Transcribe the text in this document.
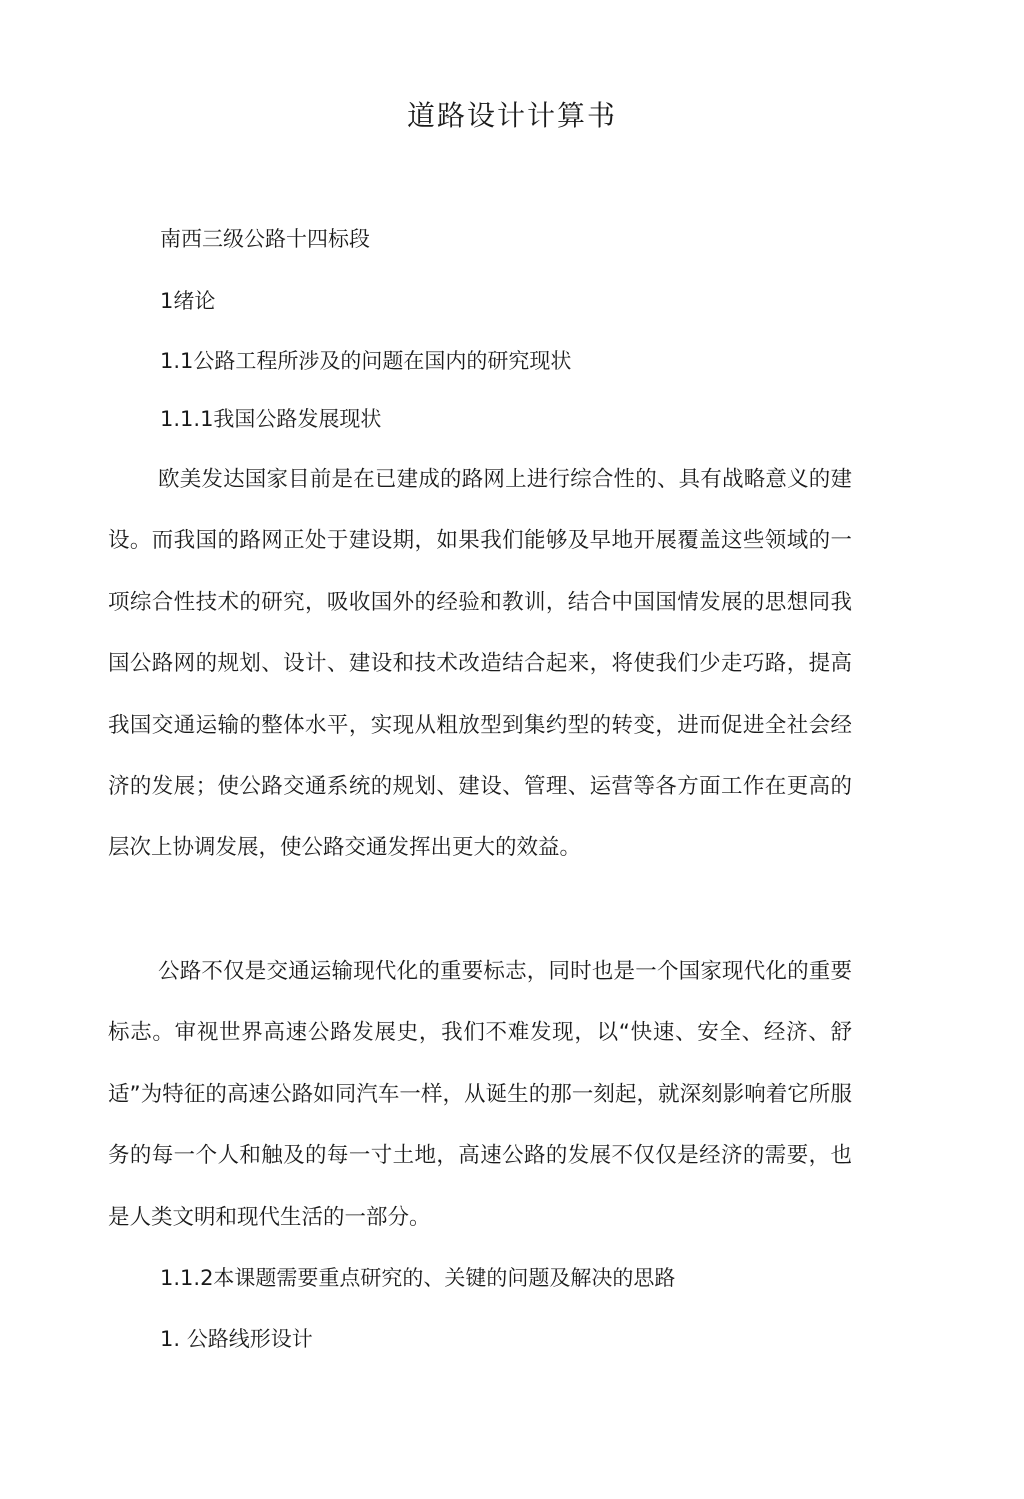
道路设计计算书

南西三级公路十四标段

1绪论

1.1公路工程所涉及的问题在国内的研究现状

1.1.1我国公路发展现状

欧美发达国家目前是在已建成的路网上进行综合性的、具有战略意义的建设。而我国的路网正处于建设期，如果我们能够及早地开展覆盖这些领域的一项综合性技术的研究，吸收国外的经验和教训，结合中国国情发展的思想同我国公路网的规划、设计、建设和技术改造结合起来，将使我们少走巧路，提高我国交通运输的整体水平，实现从粗放型到集约型的转变，进而促进全社会经济的发展；使公路交通系统的规划、建设、管理、运营等各方面工作在更高的层次上协调发展，使公路交通发挥出更大的效益。

公路不仅是交通运输现代化的重要标志，同时也是一个国家现代化的重要标志。审视世界高速公路发展史，我们不难发现，以“快速、安全、经济、舒适”为特征的高速公路如同汽车一样，从诞生的那一刻起，就深刻影响着它所服务的每一个人和触及的每一寸土地，高速公路的发展不仅仅是经济的需要，也是人类文明和现代生活的一部分。

1.1.2本课题需要重点研究的、关键的问题及解决的思路

1. 公路线形设计
